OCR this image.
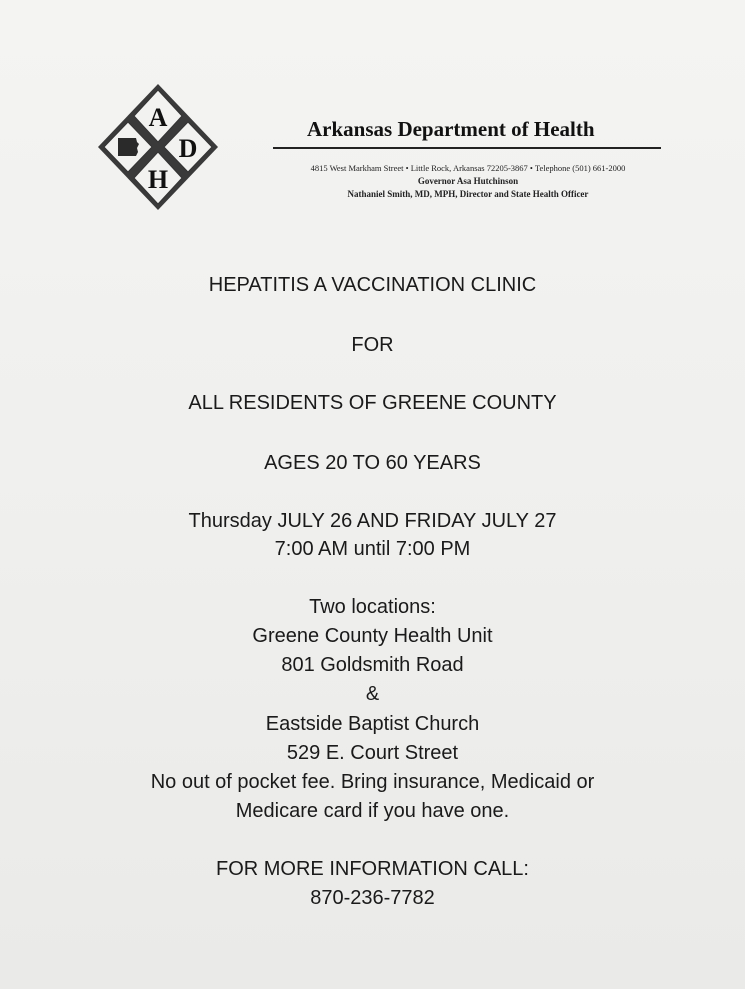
A
D
H
Arkansas Department of Health
4815 West Markham Street • Little Rock, Arkansas 72205-3867 • Telephone (501) 661-2000
Governor Asa Hutchinson
Nathaniel Smith, MD, MPH, Director and State Health Officer
HEPATITIS A VACCINATION CLINIC
FOR
ALL RESIDENTS OF GREENE COUNTY
AGES 20 TO 60 YEARS
Thursday JULY 26 AND FRIDAY JULY 27
7:00 AM until 7:00 PM
Two locations:
Greene County Health Unit
801 Goldsmith Road
&
Eastside Baptist Church
529 E. Court Street
No out of pocket fee. Bring insurance, Medicaid or
Medicare card if you have one.
FOR MORE INFORMATION CALL:
870-236-7782
